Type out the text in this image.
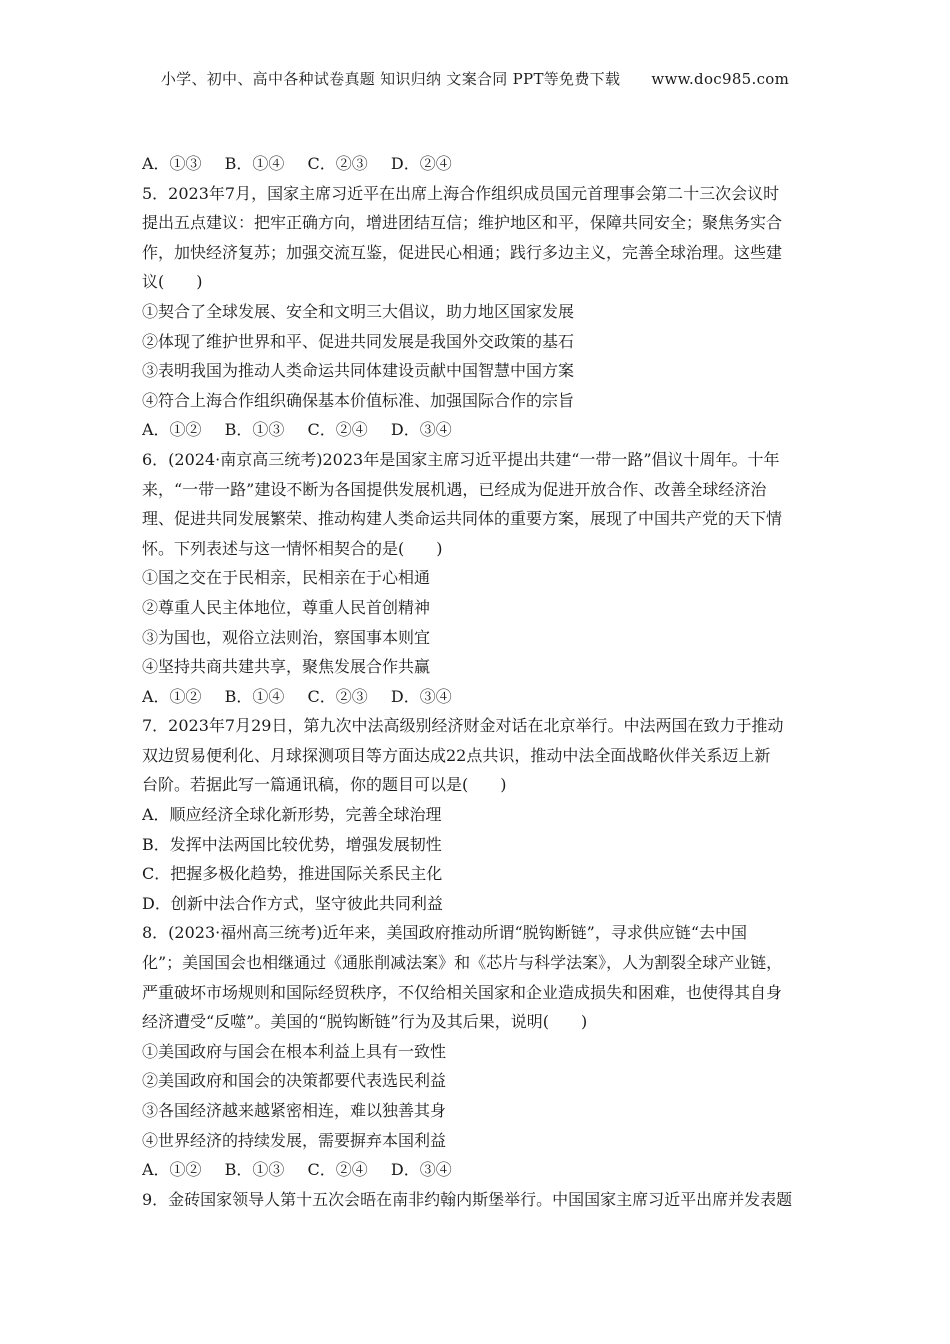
小学、初中、高中各种试卷真题 知识归纳 文案合同 PPT等免费下载 www.doc985.com
A．①③ B．①④ C．②③ D．②④
5．2023年7月，国家主席习近平在出席上海合作组织成员国元首理事会第二十三次会议时
提出五点建议：把牢正确方向，增进团结互信；维护地区和平，保障共同安全；聚焦务实合
作，加快经济复苏；加强交流互鉴，促进民心相通；践行多边主义，完善全球治理。这些建
议(　　)
①契合了全球发展、安全和文明三大倡议，助力地区国家发展
②体现了维护世界和平、促进共同发展是我国外交政策的基石
③表明我国为推动人类命运共同体建设贡献中国智慧中国方案
④符合上海合作组织确保基本价值标准、加强国际合作的宗旨
A．①② B．①③ C．②④ D．③④
6．(2024·南京高三统考)2023年是国家主席习近平提出共建“一带一路”倡议十周年。十年
来，“一带一路”建设不断为各国提供发展机遇，已经成为促进开放合作、改善全球经济治
理、促进共同发展繁荣、推动构建人类命运共同体的重要方案，展现了中国共产党的天下情
怀。下列表述与这一情怀相契合的是(　　)
①国之交在于民相亲，民相亲在于心相通
②尊重人民主体地位，尊重人民首创精神
③为国也，观俗立法则治，察国事本则宜
④坚持共商共建共享，聚焦发展合作共赢
A．①② B．①④ C．②③ D．③④
7．2023年7月29日，第九次中法高级别经济财金对话在北京举行。中法两国在致力于推动
双边贸易便利化、月球探测项目等方面达成22点共识，推动中法全面战略伙伴关系迈上新
台阶。若据此写一篇通讯稿，你的题目可以是(　　)
A．顺应经济全球化新形势，完善全球治理
B．发挥中法两国比较优势，增强发展韧性
C．把握多极化趋势，推进国际关系民主化
D．创新中法合作方式，坚守彼此共同利益
8．(2023·福州高三统考)近年来，美国政府推动所谓“脱钩断链”，寻求供应链“去中国
化”；美国国会也相继通过《通胀削减法案》和《芯片与科学法案》，人为割裂全球产业链，
严重破坏市场规则和国际经贸秩序，不仅给相关国家和企业造成损失和困难，也使得其自身
经济遭受“反噬”。美国的“脱钩断链”行为及其后果，说明(　　)
①美国政府与国会在根本利益上具有一致性
②美国政府和国会的决策都要代表选民利益
③各国经济越来越紧密相连，难以独善其身
④世界经济的持续发展，需要摒弃本国利益
A．①② B．①③ C．②④ D．③④
9．金砖国家领导人第十五次会晤在南非约翰内斯堡举行。中国国家主席习近平出席并发表题
